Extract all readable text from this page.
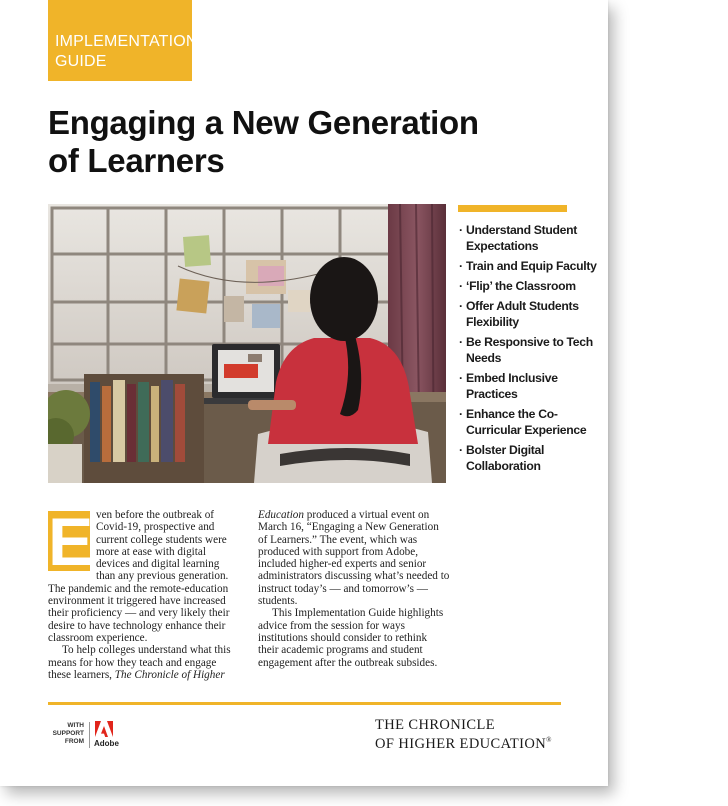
IMPLEMENTATION GUIDE
Engaging a New Generation of Learners
· Understand Student Expectations
· Train and Equip Faculty
· ‘Flip’ the Classroom
· Offer Adult Students Flexibility
· Be Responsive to Tech Needs
· Embed Inclusive Practices
· Enhance the Co-Curricular Experience
· Bolster Digital Collaboration
E ven before the outbreak of Covid-19, prospective and current college students were more at ease with digital devices and digital learning than any previous generation. The pandemic and the remote-education environment it triggered have increased their proficiency — and very likely their desire to have technology enhance their classroom experience.

To help colleges understand what this means for how they teach and engage these learners, The Chronicle of Higher

Education produced a virtual event on March 16, “Engaging a New Generation of Learners.” The event, which was produced with support from Adobe, included higher-ed experts and senior administrators discussing what’s needed to instruct today’s — and tomorrow’s — students.

This Implementation Guide highlights advice from the session for ways institutions should consider to rethink their academic programs and student engagement after the outbreak subsides.

WITH
SUPPORT
FROM Adobe
THE CHRONICLE
OF HIGHER EDUCATION®
